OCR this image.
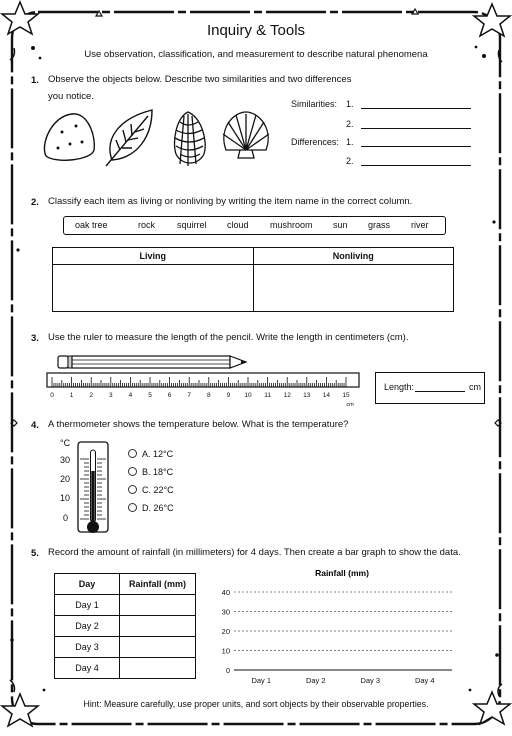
Inquiry & Tools
Use observation, classification, and measurement to describe natural phenomena
1. Observe the objects below. Describe two similarities and two differences
you notice.
Similarities: 1.
2.
Differences: 1.
2.
2. Classify each item as living or nonliving by writing the item name in the correct column.
oak tree	rock squirrel cloud mushroom sun grass river
Living	Nonliving

3. Use the ruler to measure the length of the pencil. Write the length in centimeters (cm).
0 1 2 3 4 5 6 7 8 9 10 11 12 13 14 15
cm
Length:	cm
4. A thermometer shows the temperature below. What is the temperature?
°C
30
20
10
0
A. 12°C
B. 18°C
C. 22°C
D. 26°C
5. Record the amount of rainfall (in millimeters) for 4 days. Then create a bar graph to show the data.
Day	Rainfall (mm)
Day 1	
Day 2	
Day 3	
Day 4	
Rainfall (mm)
40
30
20
10
0
Day 1	Day 2	Day 3	Day 4
Hint: Measure carefully, use proper units, and sort objects by their observable properties.
